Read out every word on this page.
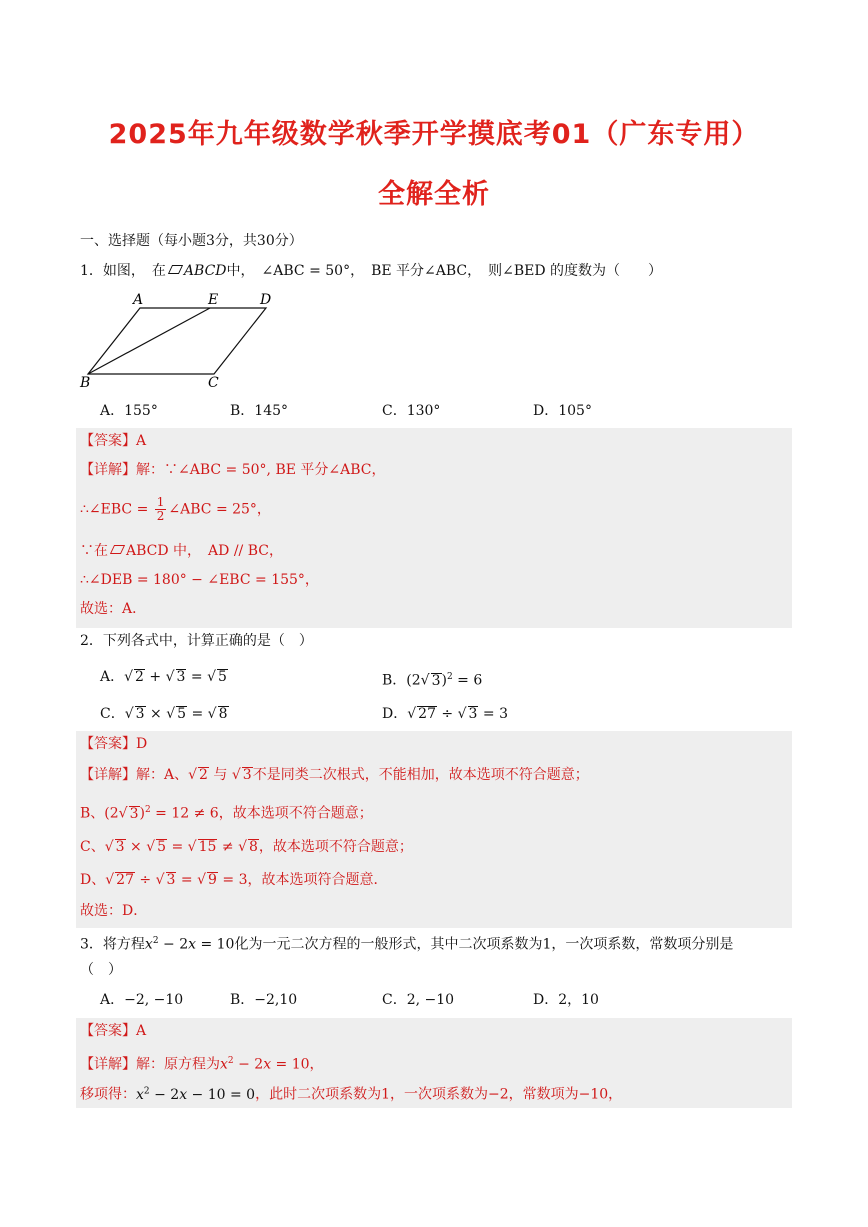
2025年九年级数学秋季开学摸底考01（广东专用）
全解全析
一、选择题（每小题3分，共30分）
1．如图，　在 ABCD中，　∠ABC = 50°，　BE 平分∠ABC，　则∠BED 的度数为（　　）
A	E	D
B	C
A．155°	B．145°	C．130°	D．105°
【答案】A
【详解】解：∵∠ABC = 50°, BE 平分∠ABC，
∴∠EBC = $\frac{1}{2}$ ∠ABC = 25°，
∵在 ABCD 中，　AD // BC，
∴∠DEB = 180° − ∠EBC = 155°，
故选：A．
2．下列各式中，计算正确的是（　）
A．√ 2 + √ 3 = √ 5	B．(2√ 3)$^2$ = 6
C．√ 3 × √ 5 = √ 8	D．√ 27 ÷ √ 3 = 3
【答案】D
【详解】解：A、√ 2 与 √ 3不是同类二次根式，不能相加，故本选项不符合题意；
B、(2√ 3)$^2$ = 12 ≠ 6，故本选项不符合题意；
C、√ 3 × √ 5 = √ 15 ≠ √ 8，故本选项不符合题意；
D、√ 27 ÷ √ 3 = √ 9 = 3，故本选项符合题意．
故选：D．
3．将方程$x^2 - 2x = 10$化为一元二次方程的一般形式，其中二次项系数为1，一次项系数，常数项分别是
（　）
A．−2, −10	B．−2,10	C．2, −10	D．2，10
【答案】A
【详解】解：原方程为$x^2 - 2x = 10$，
移项得：$x^2 - 2x - 10 = 0$，此时二次项系数为1，一次项系数为−2，常数项为−10，
